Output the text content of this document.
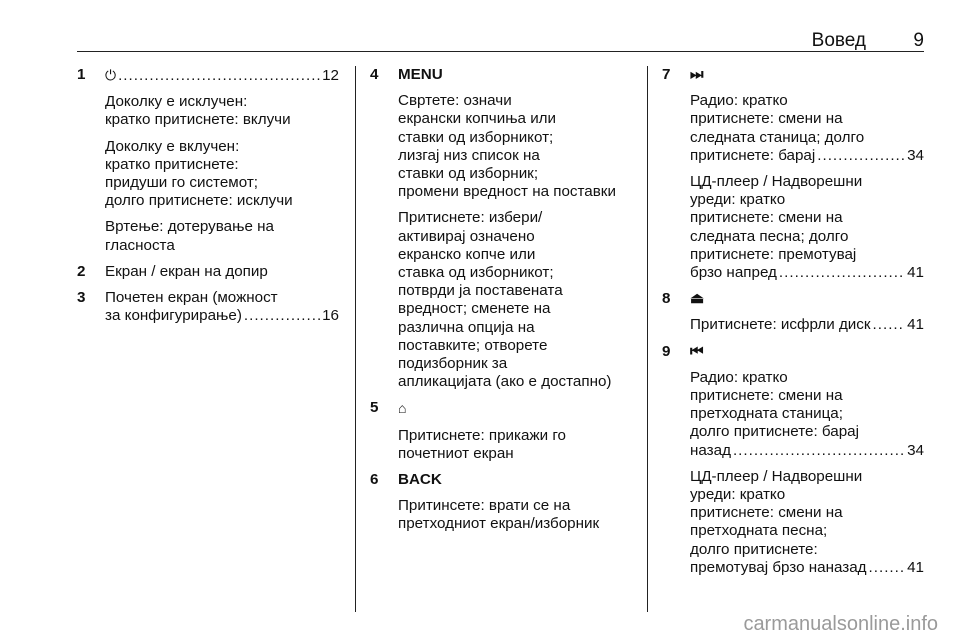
Вовед 9
1 ⏻ .....	12

Доколку е исклучен:
кратко притиснете: вклучи

Доколку е вклучен:
кратко притиснете:
придуши го системот;
долго притиснете: исклучи

Вртење: дотерување на
гласноста

2 Екран / екран на допир

3 Почетен екран (можност

за конфигурирање) .....	16

4 MENU

Свртете: означи
екрански копчиња или
ставки од изборникот;
лизгај низ список на
ставки од изборник;
промени вредност на поставки

Притиснете: избери/
активирај означено
екранско копче или
ставка од изборникот;
потврди ја поставената
вредност; сменете на
различна опција на
поставките; отворете
подизборник за
апликацијата (ако е достапно)

5 ⌂

Притиснете: прикажи го
почетниот екран

6 BACK

Притинсете: врати се на
претходниот екран/изборник

7 ⏭

Радио: кратко
притиснете: смени на
следната станица; долго

притиснете: барај .....	34

ЦД-плеер / Надворешни
уреди: кратко
притиснете: смени на
следната песна; долго
притиснете: премотувај

брзо напред .....	41

8 ⏏

Притиснете: исфрли диск ..... 41

9 ⏮

Радио: кратко
притиснете: смени на
претходната станица;
долго притиснете: барај

назад .....	34

ЦД-плеер / Надворешни
уреди: кратко
притиснете: смени на
претходната песна;
долго притиснете:

премотувај брзо наназад .....	41

carmanualsonline.info
